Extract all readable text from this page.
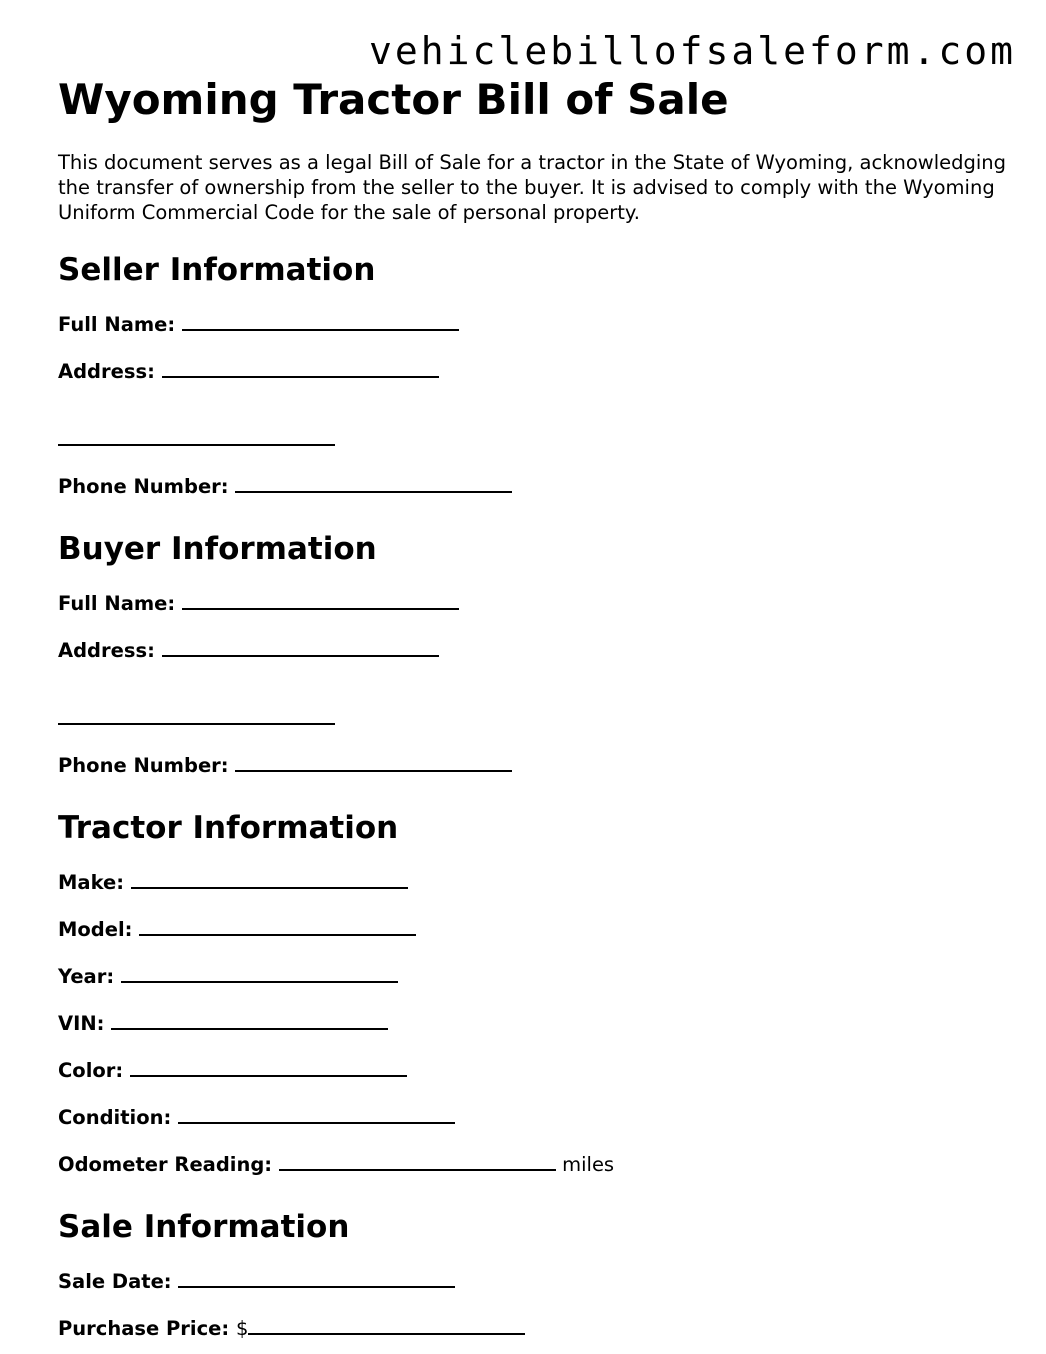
vehiclebillofsaleform.com
Wyoming Tractor Bill of Sale

This document serves as a legal Bill of Sale for a tractor in the State of Wyoming, acknowledging the transfer of ownership from the seller to the buyer. It is advised to comply with the Wyoming Uniform Commercial Code for the sale of personal property.

Seller Information
Full Name:
Address:
Phone Number:
Buyer Information
Full Name:
Address:
Phone Number:
Tractor Information
Make:
Model:
Year:
VIN:
Color:
Condition:
Odometer Reading:	miles
Sale Information
Sale Date:
Purchase Price: $
